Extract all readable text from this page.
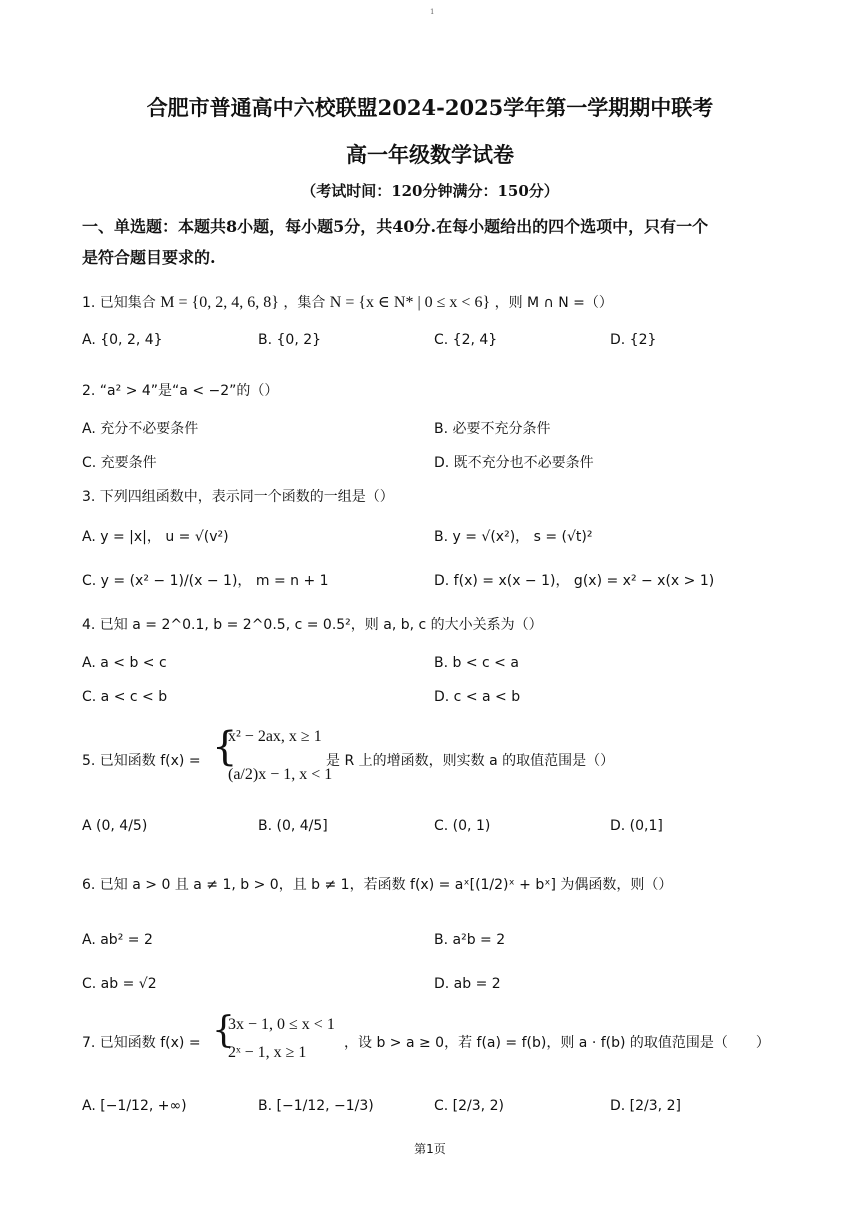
1
合肥市普通高中六校联盟2024-2025学年第一学期期中联考
高一年级数学试卷
（考试时间：120分钟满分：150分）
一、单选题：本题共8小题，每小题5分，共40分.在每小题给出的四个选项中，只有一个
是符合题目要求的.
1. 已知集合 M = {0, 2, 4, 6, 8} ，集合 N = {x ∈ N* | 0 ≤ x < 6} ，则 M ∩ N =（）
A. {0, 2, 4}	B. {0, 2}	C. {2, 4}	D. {2}
2. “a² > 4”是“a < −2”的（）
A. 充分不必要条件	B. 必要不充分条件
C. 充要条件	D. 既不充分也不必要条件
3. 下列四组函数中，表示同一个函数的一组是（）
A. y = |x|， u = √(v²)	B. y = √(x²)， s = (√t)²
C. y = (x² − 1)/(x − 1)， m = n + 1	D. f(x) = x(x − 1)， g(x) = x² − x(x > 1)
4. 已知 a = 2^0.1, b = 2^0.5, c = 0.5²，则 a, b, c 的大小关系为（）
A. a < b < c	B. b < c < a
C. a < c < b	D. c < a < b
5. 已知函数 f(x) = {
x² − 2ax, x ≥ 1
(a/2)x − 1, x < 1
是 R 上的增函数，则实数 a 的取值范围是（）
A (0, 4/5)	B. (0, 4/5]	C. (0, 1)	D. (0,1]
6. 已知 a > 0 且 a ≠ 1, b > 0，且 b ≠ 1，若函数 f(x) = aˣ[(1/2)ˣ + bˣ] 为偶函数，则（）
A. ab² = 2	B. a²b = 2
C. ab = √2	D. ab = 2
7. 已知函数 f(x) = {
3x − 1, 0 ≤ x < 1
2ˣ − 1, x ≥ 1
，设 b > a ≥ 0，若 f(a) = f(b)，则 a · f(b) 的取值范围是（　　）
A. [−1/12, +∞)	B. [−1/12, −1/3)	C. [2/3, 2)	D. [2/3, 2]
第1页
